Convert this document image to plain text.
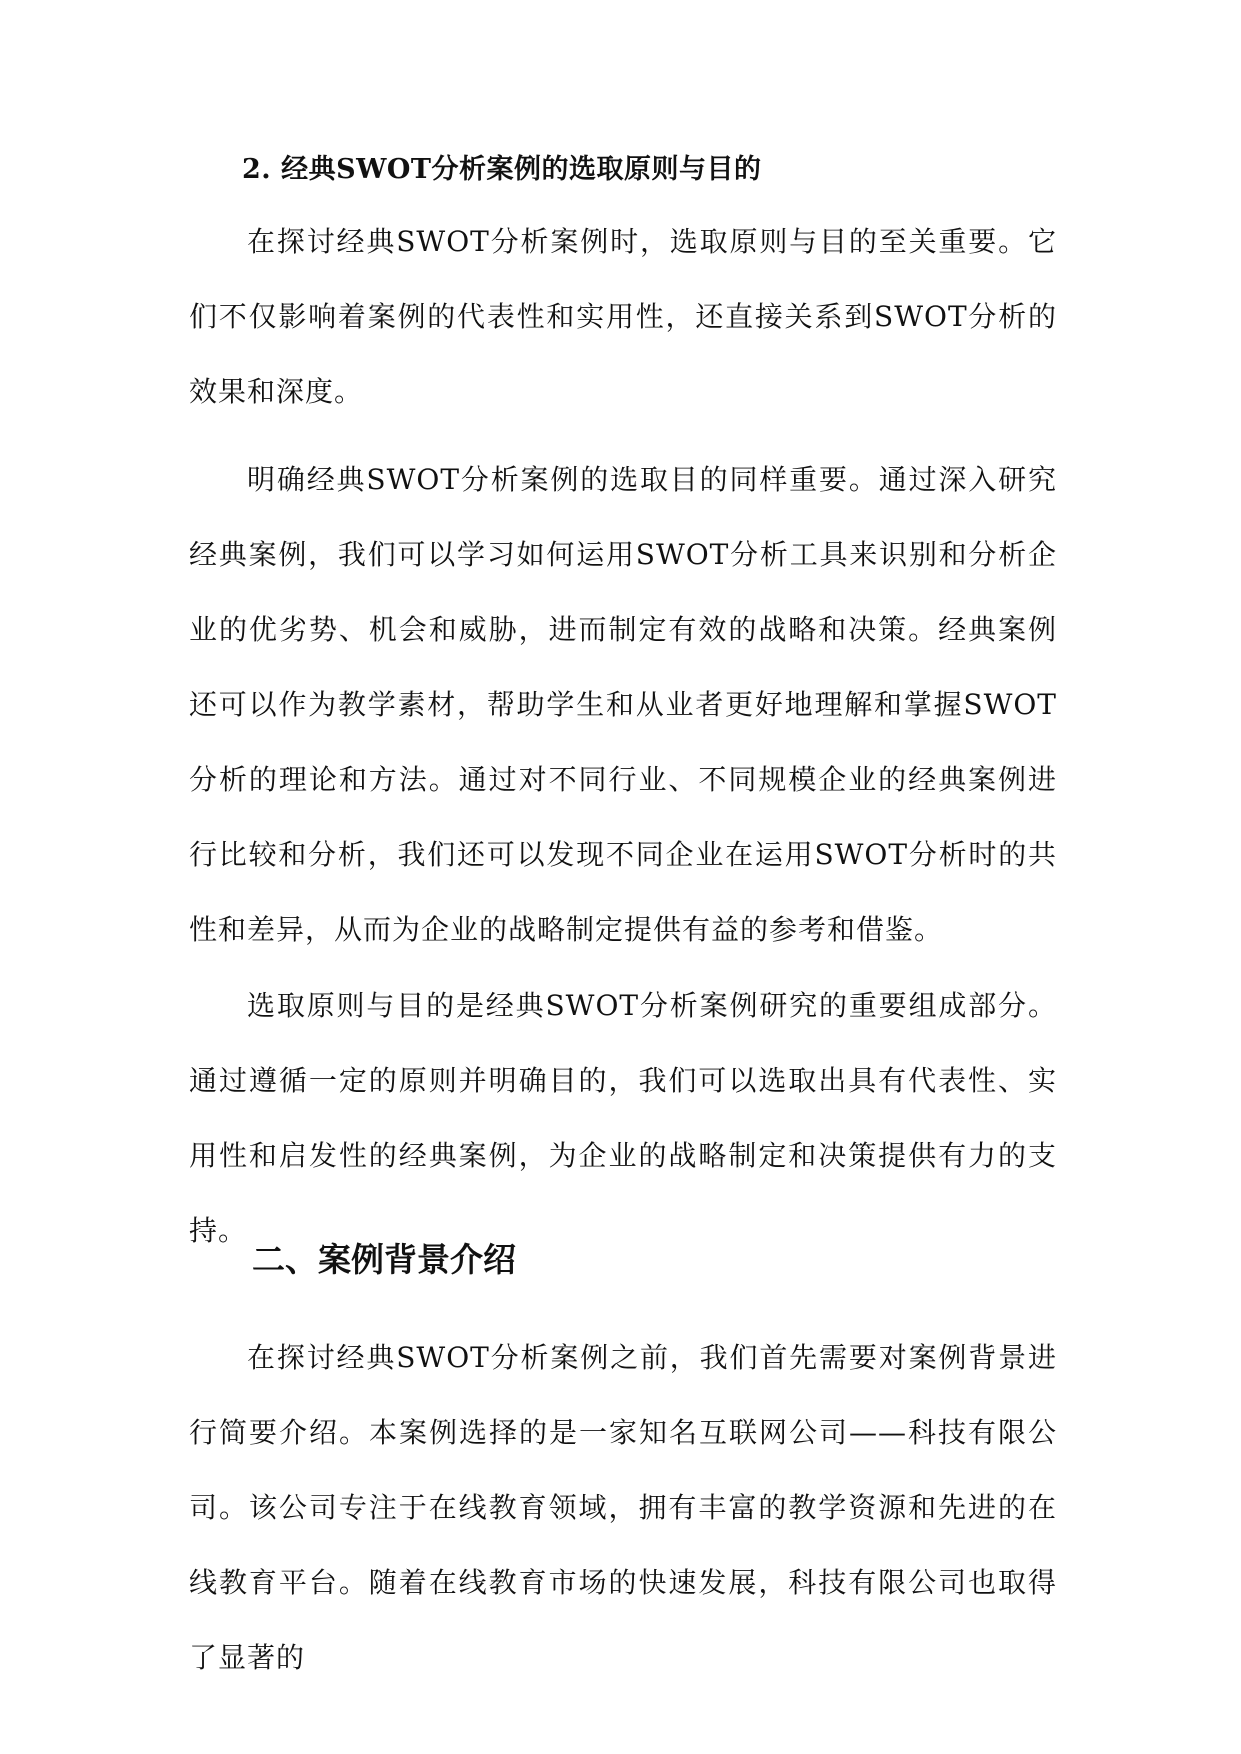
2. 经典SWOT分析案例的选取原则与目的

在探讨经典SWOT分析案例时，选取原则与目的至关重要。它们不仅影响着案例的代表性和实用性，还直接关系到SWOT分析的效果和深度。

明确经典SWOT分析案例的选取目的同样重要。通过深入研究经典案例，我们可以学习如何运用SWOT分析工具来识别和分析企业的优劣势、机会和威胁，进而制定有效的战略和决策。经典案例还可以作为教学素材，帮助学生和从业者更好地理解和掌握SWOT分析的理论和方法。通过对不同行业、不同规模企业的经典案例进行比较和分析，我们还可以发现不同企业在运用SWOT分析时的共性和差异，从而为企业的战略制定提供有益的参考和借鉴。

选取原则与目的是经典SWOT分析案例研究的重要组成部分。通过遵循一定的原则并明确目的，我们可以选取出具有代表性、实用性和启发性的经典案例，为企业的战略制定和决策提供有力的支持。

二、案例背景介绍

在探讨经典SWOT分析案例之前，我们首先需要对案例背景进行简要介绍。本案例选择的是一家知名互联网公司——科技有限公司。该公司专注于在线教育领域，拥有丰富的教学资源和先进的在线教育平台。随着在线教育市场的快速发展，科技有限公司也取得了显著的
